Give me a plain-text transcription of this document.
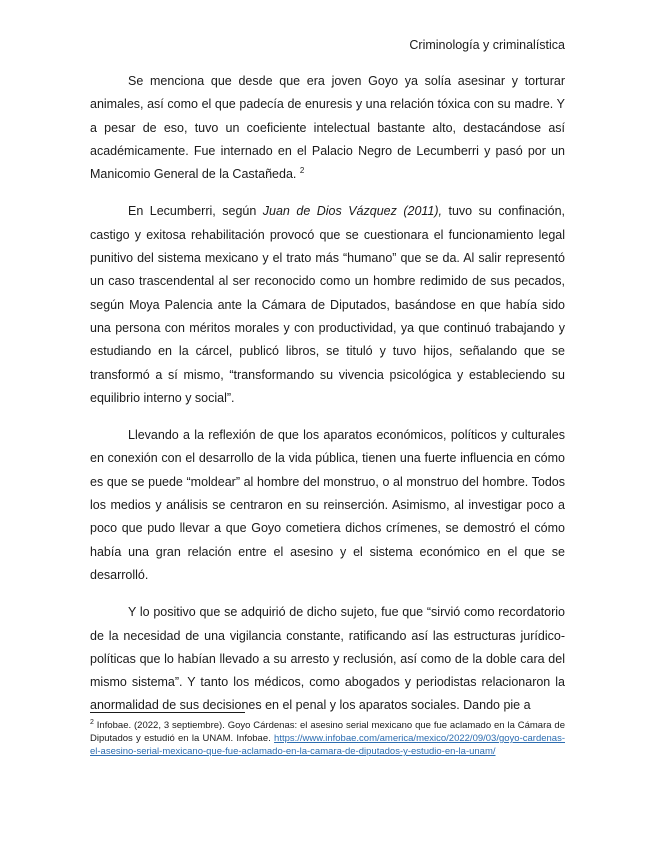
Criminología y criminalística

Se menciona que desde que era joven Goyo ya solía asesinar y torturar animales, así como el que padecía de enuresis y una relación tóxica con su madre. Y a pesar de eso, tuvo un coeficiente intelectual bastante alto, destacándose así académicamente. Fue internado en el Palacio Negro de Lecumberri y pasó por un Manicomio General de la Castañeda. $^2$

En Lecumberri, según Juan de Dios Vázquez (2011), tuvo su confinación, castigo y exitosa rehabilitación provocó que se cuestionara el funcionamiento legal punitivo del sistema mexicano y el trato más “humano” que se da. Al salir representó un caso trascendental al ser reconocido como un hombre redimido de sus pecados, según Moya Palencia ante la Cámara de Diputados, basándose en que había sido una persona con méritos morales y con productividad, ya que continuó trabajando y estudiando en la cárcel, publicó libros, se tituló y tuvo hijos, señalando que se transformó a sí mismo, “transformando su vivencia psicológica y estableciendo su equilibrio interno y social”.

Llevando a la reflexión de que los aparatos económicos, políticos y culturales en conexión con el desarrollo de la vida pública, tienen una fuerte influencia en cómo es que se puede “moldear” al hombre del monstruo, o al monstruo del hombre. Todos los medios y análisis se centraron en su reinserción. Asimismo, al investigar poco a poco que pudo llevar a que Goyo cometiera dichos crímenes, se demostró el cómo había una gran relación entre el asesino y el sistema económico en el que se desarrolló.

Y lo positivo que se adquirió de dicho sujeto, fue que “sirvió como recordatorio de la necesidad de una vigilancia constante, ratificando así las estructuras jurídico-políticas que lo habían llevado a su arresto y reclusión, así como de la doble cara del mismo sistema”. Y tanto los médicos, como abogados y periodistas relacionaron la anormalidad de sus decisiones en el penal y los aparatos sociales. Dando pie a

$^2$ Infobae. (2022, 3 septiembre). Goyo Cárdenas: el asesino serial mexicano que fue aclamado en la Cámara de Diputados y estudió en la UNAM. Infobae. https://www.infobae.com/america/mexico/2022/09/03/goyo-cardenas-el-asesino-serial-mexicano-que-fue-aclamado-en-la-camara-de-diputados-y-estudio-en-la-unam/
